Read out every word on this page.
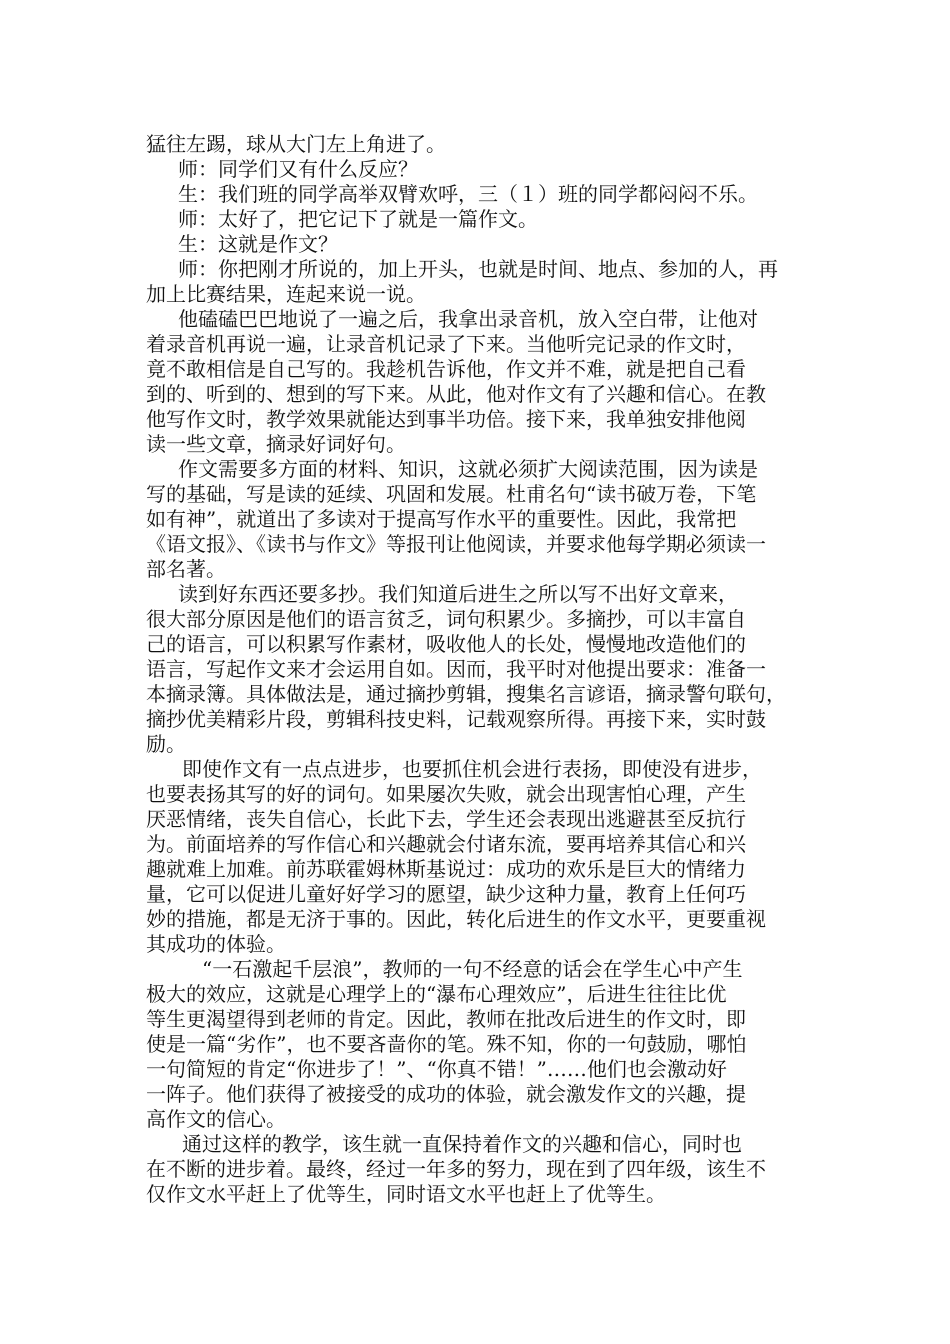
猛往左踢，球从大门左上角进了。
师：同学们又有什么反应？
生：我们班的同学高举双臂欢呼，三（１）班的同学都闷闷不乐。
师：太好了，把它记下了就是一篇作文。
生：这就是作文？
师：你把刚才所说的，加上开头，也就是时间、地点、参加的人，再
加上比赛结果，连起来说一说。
他磕磕巴巴地说了一遍之后，我拿出录音机，放入空白带，让他对
着录音机再说一遍，让录音机记录了下来。当他听完记录的作文时，
竟不敢相信是自己写的。我趁机告诉他，作文并不难，就是把自己看
到的、听到的、想到的写下来。从此，他对作文有了兴趣和信心。在教
他写作文时，教学效果就能达到事半功倍。接下来，我单独安排他阅
读一些文章，摘录好词好句。
作文需要多方面的材料、知识，这就必须扩大阅读范围，因为读是
写的基础，写是读的延续、巩固和发展。杜甫名句“读书破万卷，下笔
如有神”，就道出了多读对于提高写作水平的重要性。因此，我常把
《语文报》、《读书与作文》等报刊让他阅读，并要求他每学期必须读一
部名著。
读到好东西还要多抄。我们知道后进生之所以写不出好文章来，
很大部分原因是他们的语言贫乏，词句积累少。多摘抄，可以丰富自
己的语言，可以积累写作素材，吸收他人的长处，慢慢地改造他们的
语言，写起作文来才会运用自如。因而，我平时对他提出要求：准备一
本摘录簿。具体做法是，通过摘抄剪辑，搜集名言谚语，摘录警句联句，
摘抄优美精彩片段，剪辑科技史料，记载观察所得。再接下来，实时鼓
励。
即使作文有一点点进步，也要抓住机会进行表扬，即使没有进步，
也要表扬其写的好的词句。如果屡次失败，就会出现害怕心理，产生
厌恶情绪，丧失自信心，长此下去，学生还会表现出逃避甚至反抗行
为。前面培养的写作信心和兴趣就会付诸东流，要再培养其信心和兴
趣就难上加难。前苏联霍姆林斯基说过：成功的欢乐是巨大的情绪力
量，它可以促进儿童好好学习的愿望，缺少这种力量，教育上任何巧
妙的措施，都是无济于事的。因此，转化后进生的作文水平，更要重视
其成功的体验。
“一石激起千层浪”，教师的一句不经意的话会在学生心中产生
极大的效应，这就是心理学上的“瀑布心理效应”，后进生往往比优
等生更渴望得到老师的肯定。因此，教师在批改后进生的作文时，即
使是一篇“劣作”，也不要吝啬你的笔。殊不知，你的一句鼓励，哪怕
一句简短的肯定“你进步了！”、“你真不错！”……他们也会激动好
一阵子。他们获得了被接受的成功的体验，就会激发作文的兴趣，提
高作文的信心。
通过这样的教学，该生就一直保持着作文的兴趣和信心，同时也
在不断的进步着。最终，经过一年多的努力，现在到了四年级，该生不
仅作文水平赶上了优等生，同时语文水平也赶上了优等生。
